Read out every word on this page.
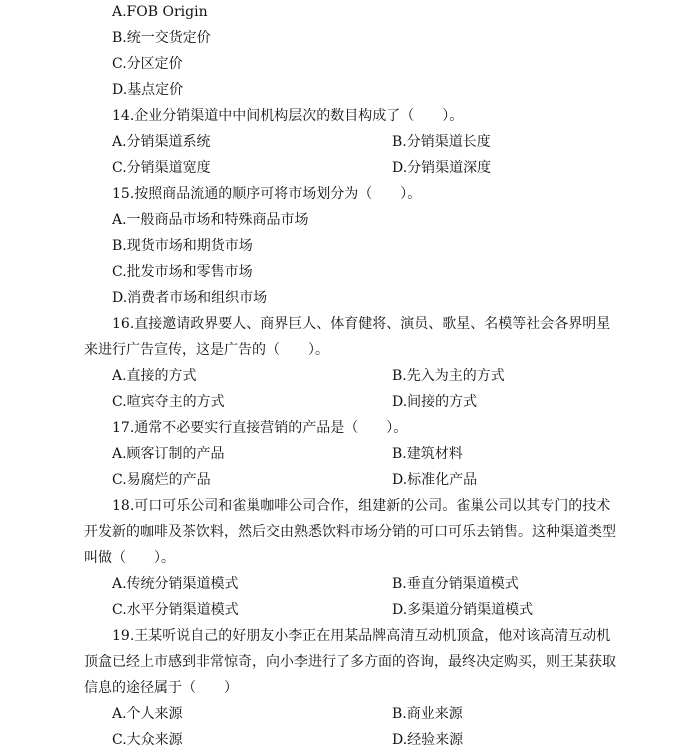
A.FOB Origin
B.统一交货定价
C.分区定价
D.基点定价
14.企业分销渠道中中间机构层次的数目构成了（　　）。
A.分销渠道系统	B.分销渠道长度
C.分销渠道宽度	D.分销渠道深度
15.按照商品流通的顺序可将市场划分为（　　）。
A.一般商品市场和特殊商品市场
B.现货市场和期货市场
C.批发市场和零售市场
D.消费者市场和组织市场
16.直接邀请政界要人、商界巨人、体育健将、演员、歌星、名模等社会各界明星
来进行广告宣传，这是广告的（　　）。
A.直接的方式	B.先入为主的方式
C.喧宾夺主的方式	D.间接的方式
17.通常不必要实行直接营销的产品是（　　）。
A.顾客订制的产品	B.建筑材料
C.易腐烂的产品	D.标准化产品
18.可口可乐公司和雀巢咖啡公司合作，组建新的公司。雀巢公司以其专门的技术
开发新的咖啡及茶饮料，然后交由熟悉饮料市场分销的可口可乐去销售。这种渠道类型
叫做（　　）。
A.传统分销渠道模式	B.垂直分销渠道模式
C.水平分销渠道模式	D.多渠道分销渠道模式
19.王某听说自己的好朋友小李正在用某品牌高清互动机顶盒，他对该高清互动机
顶盒已经上市感到非常惊奇，向小李进行了多方面的咨询，最终决定购买，则王某获取
信息的途径属于（　　）
A.个人来源	B.商业来源
C.大众来源	D.经验来源
